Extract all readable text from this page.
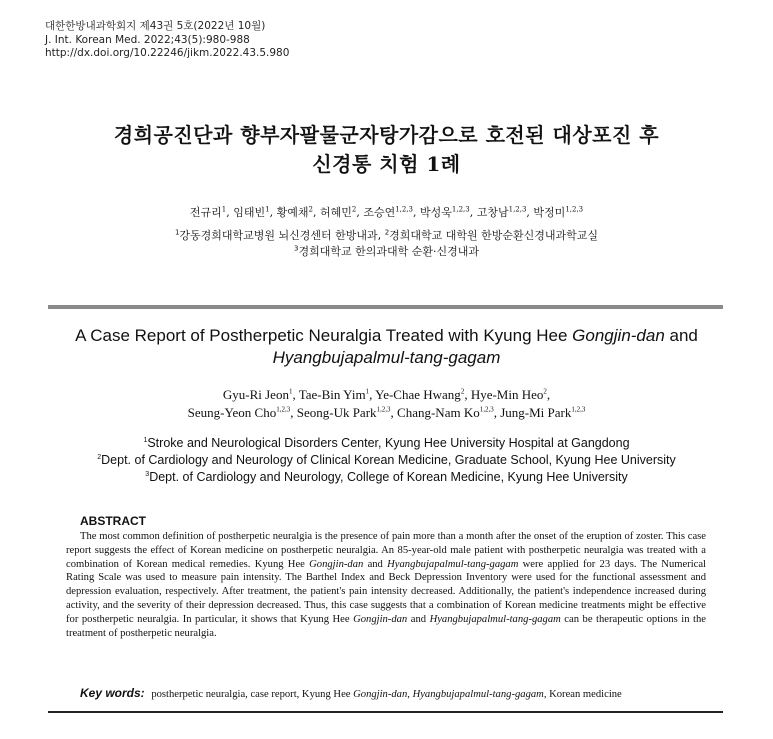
대한한방내과학회지 제43권 5호(2022년 10월)
J. Int. Korean Med. 2022;43(5):980-988
http://dx.doi.org/10.22246/jikm.2022.43.5.980
경희공진단과 향부자팔물군자탕가감으로 호전된 대상포진 후
신경통 치험 1례
전규리$^1$, 임태빈$^1$, 황예채$^2$, 허혜민$^2$, 조승연$^{1,2,3}$, 박성욱$^{1,2,3}$, 고창남$^{1,2,3}$, 박정미$^{1,2,3}$
$^1$강동경희대학교병원 뇌신경센터 한방내과, $^2$경희대학교 대학원 한방순환신경내과학교실
$^3$경희대학교 한의과대학 순환·신경내과
A Case Report of Postherpetic Neuralgia Treated with Kyung Hee Gongjin-dan and
Hyangbujapalmul-tang-gagam
Gyu-Ri Jeon$^1$, Tae-Bin Yim$^1$, Ye-Chae Hwang$^2$, Hye-Min Heo$^2$,
Seung-Yeon Cho$^{1,2,3}$, Seong-Uk Park$^{1,2,3}$, Chang-Nam Ko$^{1,2,3}$, Jung-Mi Park$^{1,2,3}$
$^1$Stroke and Neurological Disorders Center, Kyung Hee University Hospital at Gangdong
$^2$Dept. of Cardiology and Neurology of Clinical Korean Medicine, Graduate School, Kyung Hee University
$^3$Dept. of Cardiology and Neurology, College of Korean Medicine, Kyung Hee University
ABSTRACT
The most common definition of postherpetic neuralgia is the presence of pain more than a month after the onset of the eruption of zoster. This case report suggests the effect of Korean medicine on postherpetic neuralgia. An 85-year-old male patient with postherpetic neuralgia was treated with a combination of Korean medical remedies. Kyung Hee Gongjin-dan and Hyangbujapalmul-tang-gagam were applied for 23 days. The Numerical Rating Scale was used to measure pain intensity. The Barthel Index and Beck Depression Inventory were used for the functional assessment and depression evaluation, respectively. After treatment, the patient's pain intensity decreased. Additionally, the patient's independence increased during activity, and the severity of their depression decreased. Thus, this case suggests that a combination of Korean medicine treatments might be effective for postherpetic neuralgia. In particular, it shows that Kyung Hee Gongjin-dan and Hyangbujapalmul-tang-gagam can be therapeutic options in the treatment of postherpetic neuralgia.
Key words: postherpetic neuralgia, case report, Kyung Hee Gongjin-dan, Hyangbujapalmul-tang-gagam, Korean medicine
